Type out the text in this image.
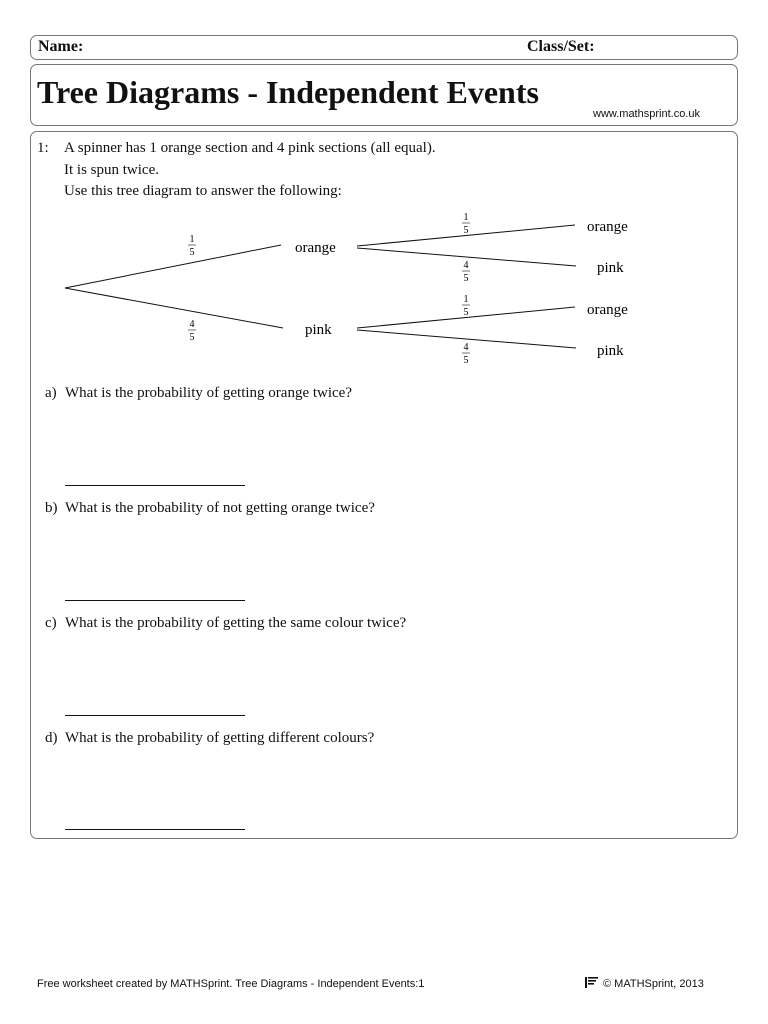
Name:	Class/Set:
Tree Diagrams - Independent Events
www.mathsprint.co.uk
1: A spinner has 1 orange section and 4 pink sections (all equal).
It is spun twice.
Use this tree diagram to answer the following:
orange
pink
orange
pink
orange
pink
1
5
4
5
1
5
4
5
1
5
4
5
a) What is the probability of getting orange twice?
b) What is the probability of not getting orange twice?
c) What is the probability of getting the same colour twice?
d) What is the probability of getting different colours?
Free worksheet created by MATHSprint. Tree Diagrams - Independent Events:1	© MATHSprint, 2013
